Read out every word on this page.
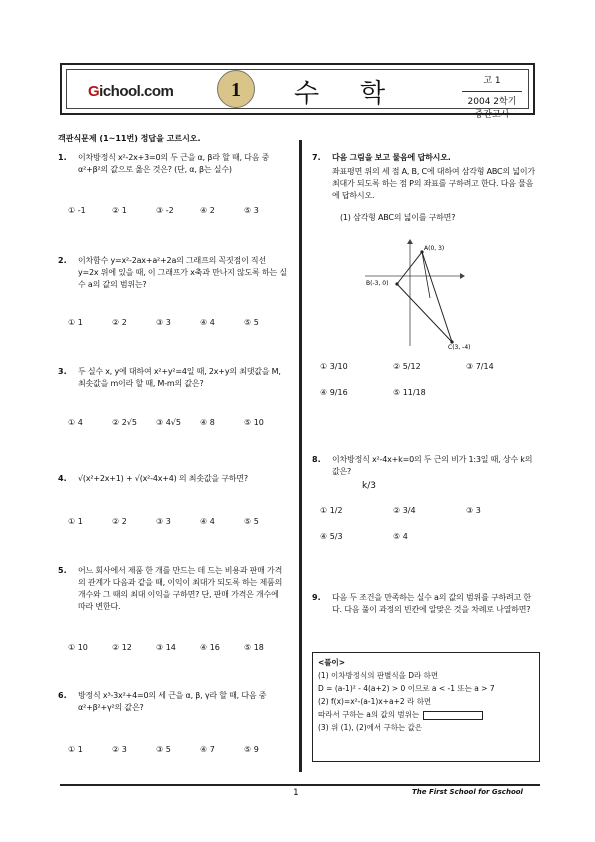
Gichool.com	1	수 학	고 1
2004 2학기 중간고사
객관식문제 (1~11번) 정답을 고르시오.
1. 이차방정식 x²-2x+3=0의 두 근을 α, β라 할 때, 다음 중 α²+β²의 값으로 옳은 것은? (단, α, β는 실수)
① -1	② 1	③ -2	④ 2	⑤ 3
2. 이차함수 y=x²-2ax+a²+2a의 그래프의 꼭짓점이 직선 y=2x 위에 있을 때, 이 그래프가 x축과 만나지 않도록 하는 실수 a의 값의 범위는?
① 1	② 2	③ 3	④ 4	⑤ 5
3. 두 실수 x, y에 대하여 x²+y²=4일 때, 2x+y의 최댓값을 M, 최솟값을 m이라 할 때, M-m의 값은?
① 4	② 2√5	③ 4√5	④ 8	⑤ 10
4. √(x²+2x+1) + √(x²-4x+4) 의 최솟값을 구하면?
① 1	② 2	③ 3	④ 4	⑤ 5
5. 어느 회사에서 제품 한 개를 만드는 데 드는 비용과 판매 가격의 관계가 다음과 같을 때, 이익이 최대가 되도록 하는 제품의 개수와 그 때의 최대 이익을 구하면? 단, 판매 가격은 개수에 따라 변한다.
① 10	② 12	③ 14	④ 16	⑤ 18
6. 방정식 x³-3x²+4=0의 세 근을 α, β, γ라 할 때, 다음 중 α²+β²+γ²의 값은?
① 1	② 3	③ 5	④ 7	⑤ 9
7. 다음 그림을 보고 물음에 답하시오.
좌표평면 위의 세 점 A, B, C에 대하여 삼각형 ABC의 넓이가 최대가 되도록 하는 점 P의 좌표를 구하려고 한다. 다음 물음에 답하시오.
(1) 삼각형 ABC의 넓이를 구하면?
A(0, 3)
B(-3, 0)
C(3, -4)
① 3/10	② 5/12	③ 7/14
④ 9/16	⑤ 11/18
8. 이차방정식 x²-4x+k=0의 두 근의 비가 1:3일 때, 상수 k의 값은?
k/3
① 1/2	② 3/4	③ 3
④ 5/3	⑤ 4
9. 다음 두 조건을 만족하는 실수 a의 값의 범위를 구하려고 한다. 다음 풀이 과정의 빈칸에 알맞은 것을 차례로 나열하면?
<풀이>
(1) 이차방정식의 판별식을 D라 하면
D = (a-1)² - 4(a+2) > 0 이므로 a < -1 또는 a > 7
(2) f(x)=x²-(a-1)x+a+2 라 하면
따라서 구하는 a의 값의 범위는
(3) 위 (1), (2)에서 구하는 값은
1	The First School for Gschool
